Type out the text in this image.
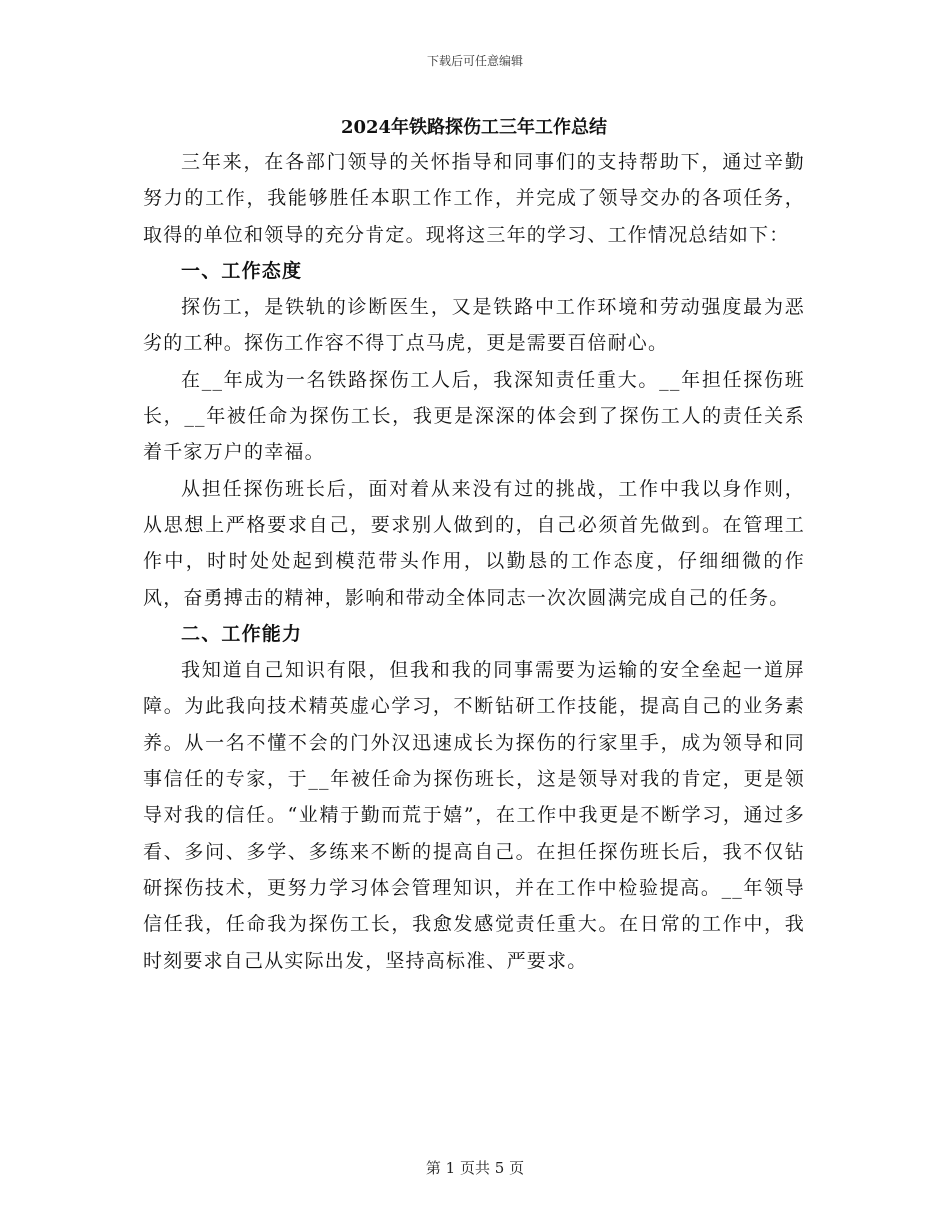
下载后可任意编辑
2024年铁路探伤工三年工作总结

三年来，在各部门领导的关怀指导和同事们的支持帮助下，通过辛勤努力的工作，我能够胜任本职工作工作，并完成了领导交办的各项任务，取得的单位和领导的充分肯定。现将这三年的学习、工作情况总结如下：

一、工作态度

探伤工，是铁轨的诊断医生，又是铁路中工作环境和劳动强度最为恶劣的工种。探伤工作容不得丁点马虎，更是需要百倍耐心。

在__年成为一名铁路探伤工人后，我深知责任重大。__年担任探伤班长，__年被任命为探伤工长，我更是深深的体会到了探伤工人的责任关系着千家万户的幸福。

从担任探伤班长后，面对着从来没有过的挑战，工作中我以身作则，从思想上严格要求自己，要求别人做到的，自己必须首先做到。在管理工作中，时时处处起到模范带头作用，以勤恳的工作态度，仔细细微的作风，奋勇搏击的精神，影响和带动全体同志一次次圆满完成自己的任务。

二、工作能力

我知道自己知识有限，但我和我的同事需要为运输的安全垒起一道屏障。为此我向技术精英虚心学习，不断钻研工作技能，提高自己的业务素养。从一名不懂不会的门外汉迅速成长为探伤的行家里手，成为领导和同事信任的专家，于__年被任命为探伤班长，这是领导对我的肯定，更是领导对我的信任。“业精于勤而荒于嬉”，在工作中我更是不断学习，通过多看、多问、多学、多练来不断的提高自己。在担任探伤班长后，我不仅钻研探伤技术，更努力学习体会管理知识，并在工作中检验提高。__年领导信任我，任命我为探伤工长，我愈发感觉责任重大。在日常的工作中，我时刻要求自己从实际出发，坚持高标准、严要求。

第 1 页共 5 页
